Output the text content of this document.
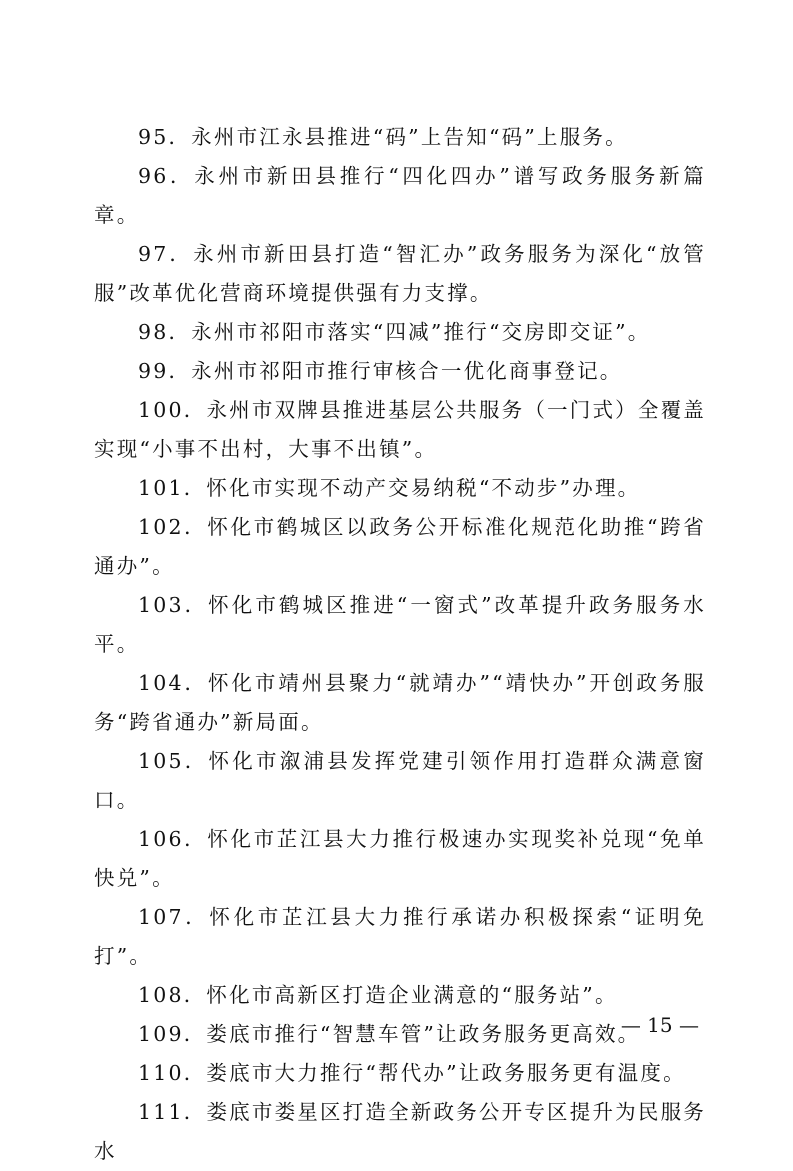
95．永州市江永县推进“码”上告知“码”上服务。

96．永州市新田县推行“四化四办”谱写政务服务新篇章。

97．永州市新田县打造“智汇办”政务服务为深化“放管服”改革优化营商环境提供强有力支撑。

98．永州市祁阳市落实“四减”推行“交房即交证”。

99．永州市祁阳市推行审核合一优化商事登记。

100．永州市双牌县推进基层公共服务（一门式）全覆盖实现“小事不出村，大事不出镇”。

101．怀化市实现不动产交易纳税“不动步”办理。

102．怀化市鹤城区以政务公开标准化规范化助推“跨省通办”。

103．怀化市鹤城区推进“一窗式”改革提升政务服务水平。

104．怀化市靖州县聚力“就靖办”“靖快办”开创政务服务“跨省通办”新局面。

105．怀化市溆浦县发挥党建引领作用打造群众满意窗口。

106．怀化市芷江县大力推行极速办实现奖补兑现“免单快兑”。

107．怀化市芷江县大力推行承诺办积极探索“证明免打”。

108．怀化市高新区打造企业满意的“服务站”。

109．娄底市推行“智慧车管”让政务服务更高效。

110．娄底市大力推行“帮代办”让政务服务更有温度。

111．娄底市娄星区打造全新政务公开专区提升为民服务水

— 15 —
